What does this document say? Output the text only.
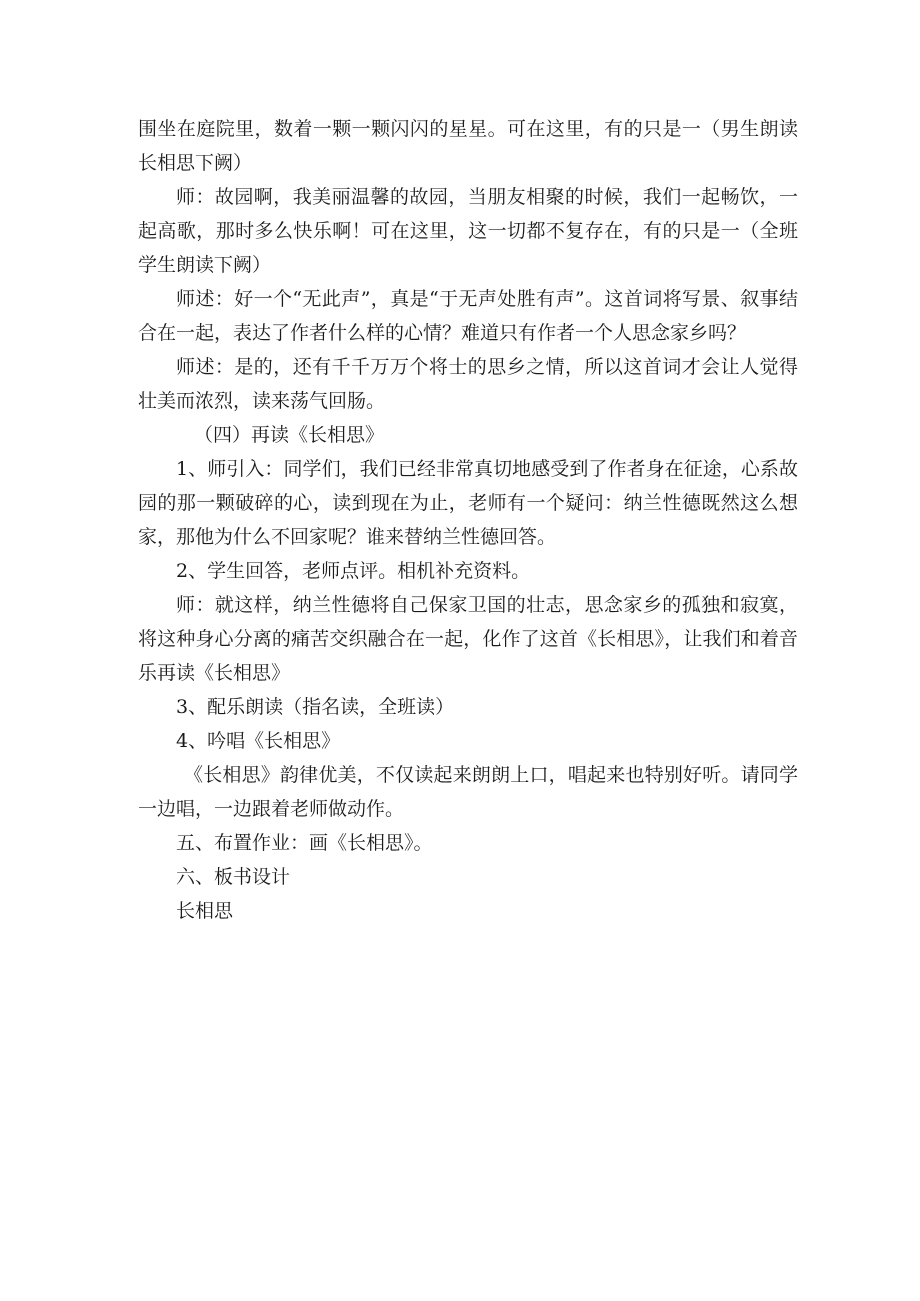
围坐在庭院里，数着一颗一颗闪闪的星星。可在这里，有的只是一（男生朗读长相思下阙）

师：故园啊，我美丽温馨的故园，当朋友相聚的时候，我们一起畅饮，一起高歌，那时多么快乐啊！可在这里，这一切都不复存在，有的只是一（全班学生朗读下阙）

师述：好一个“无此声”，真是“于无声处胜有声”。这首词将写景、叙事结合在一起，表达了作者什么样的心情？难道只有作者一个人思念家乡吗？

师述：是的，还有千千万万个将士的思乡之情，所以这首词才会让人觉得壮美而浓烈，读来荡气回肠。

（四）再读《长相思》

1、师引入：同学们，我们已经非常真切地感受到了作者身在征途，心系故园的那一颗破碎的心，读到现在为止，老师有一个疑问：纳兰性德既然这么想家，那他为什么不回家呢？谁来替纳兰性德回答。

2、学生回答，老师点评。相机补充资料。

师：就这样，纳兰性德将自己保家卫国的壮志，思念家乡的孤独和寂寞，将这种身心分离的痛苦交织融合在一起，化作了这首《长相思》，让我们和着音乐再读《长相思》

3、配乐朗读（指名读，全班读）

4、吟唱《长相思》

《长相思》韵律优美，不仅读起来朗朗上口，唱起来也特别好听。请同学一边唱，一边跟着老师做动作。

五、布置作业：画《长相思》。

六、板书设计

长相思
